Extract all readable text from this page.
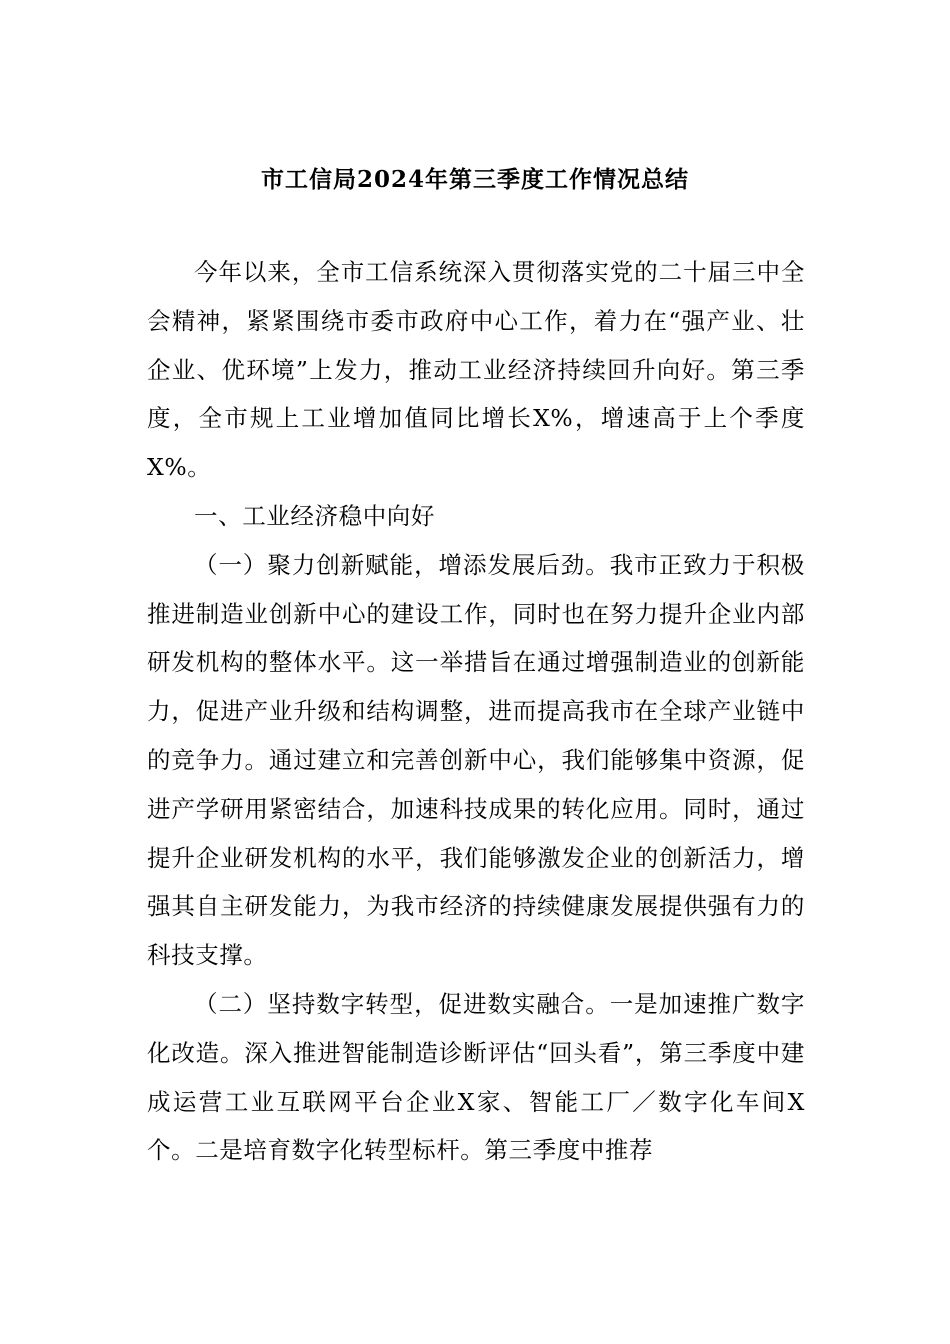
市工信局2024年第三季度工作情况总结

今年以来，全市工信系统深入贯彻落实党的二十届三中全会精神，紧紧围绕市委市政府中心工作，着力在“强产业、壮企业、优环境”上发力，推动工业经济持续回升向好。第三季度，全市规上工业增加值同比增长X%，增速高于上个季度X%。

一、工业经济稳中向好

（一）聚力创新赋能，增添发展后劲。我市正致力于积极推进制造业创新中心的建设工作，同时也在努力提升企业内部研发机构的整体水平。这一举措旨在通过增强制造业的创新能力，促进产业升级和结构调整，进而提高我市在全球产业链中的竞争力。通过建立和完善创新中心，我们能够集中资源，促进产学研用紧密结合，加速科技成果的转化应用。同时，通过提升企业研发机构的水平，我们能够激发企业的创新活力，增强其自主研发能力，为我市经济的持续健康发展提供强有力的科技支撑。

（二）坚持数字转型，促进数实融合。一是加速推广数字化改造。深入推进智能制造诊断评估“回头看”，第三季度中建成运营工业互联网平台企业X家、智能工厂／数字化车间X个。二是培育数字化转型标杆。第三季度中推荐
